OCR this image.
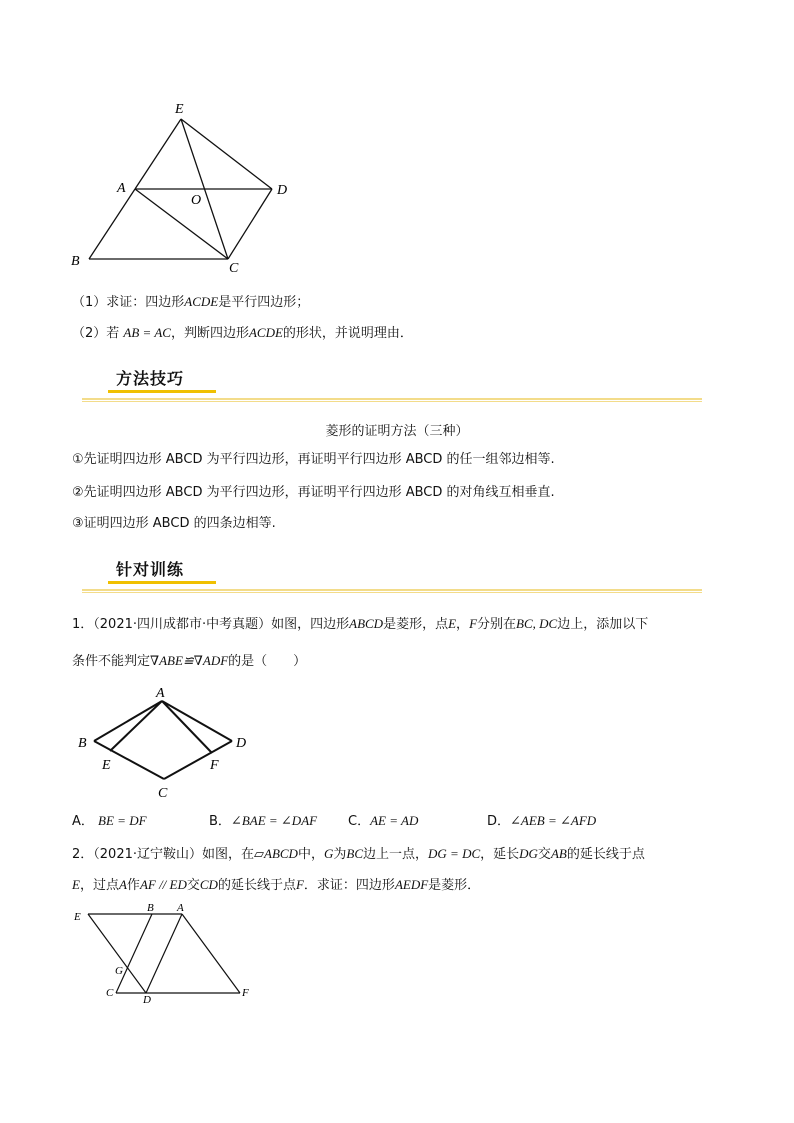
E
A
O
D
B	C
（1）求证：四边形ACDE是平行四边形；
（2）若 AB = AC，判断四边形ACDE的形状，并说明理由．
方法技巧
菱形的证明方法（三种）
①先证明四边形 ABCD 为平行四边形，再证明平行四边形 ABCD 的任一组邻边相等.
②先证明四边形 ABCD 为平行四边形，再证明平行四边形 ABCD 的对角线互相垂直.
③证明四边形 ABCD 的四条边相等.
针对训练
1．（2021·四川成都市·中考真题）如图，四边形ABCD是菱形，点E，F分别在BC, DC边上，添加以下
条件不能判定∇ABE≌∇ADF的是（　　）
A
B	D
E	F
C
A． BE = DF	B．∠BAE = ∠DAF C．AE = AD	D．∠AEB = ∠AFD
2．（2021·辽宁鞍山）如图，在▱ABCD中，G为BC边上一点，DG = DC，延长DG交AB的延长线于点
E，过点A作AF // ED交CD的延长线于点F．求证：四边形AEDF是菱形．
E
B A
G
C
D
F
